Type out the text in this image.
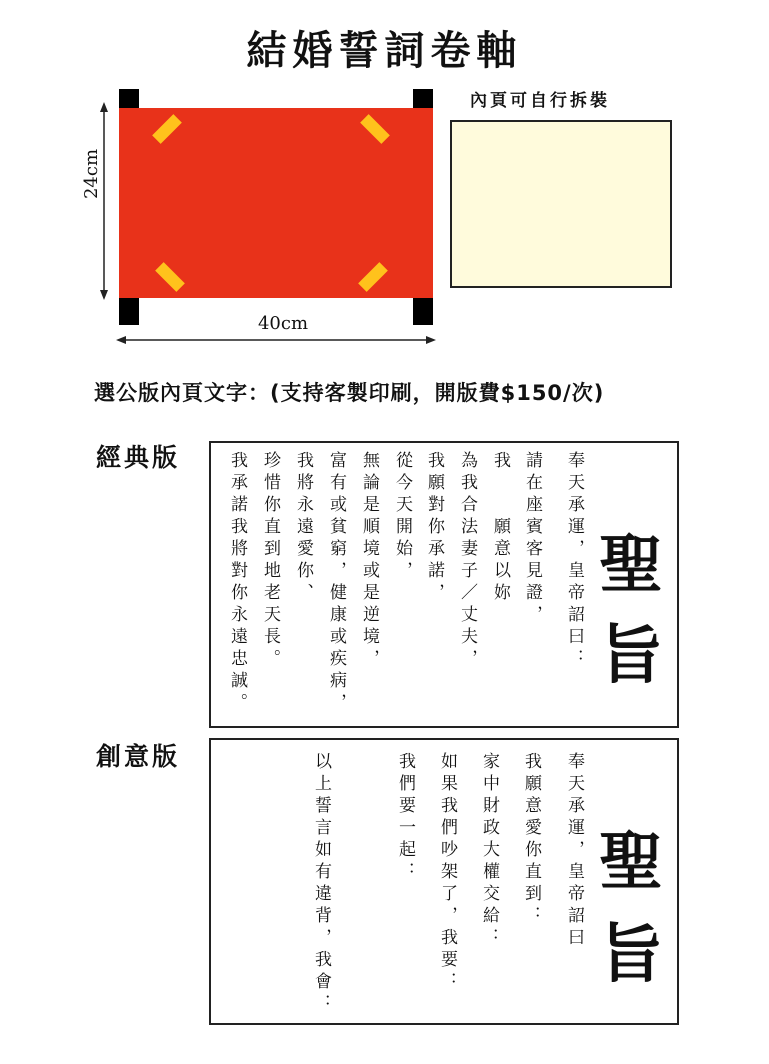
結婚誓詞卷軸
24cm
40cm
內頁可自行拆裝
選公版內頁文字：(支持客製印刷，開版費$150/次)
經典版
聖
旨
奉天承運，皇帝詔曰：
請在座賓客見證，
我　　願意以妳
為我合法妻子／丈夫，
我願對你承諾，
從今天開始，
無論是順境或是逆境，
富有或貧窮，健康或疾病，
我將永遠愛你、
珍惜你直到地老天長。
我承諾我將對你永遠忠誠。
創意版
聖
旨
奉天承運，皇帝詔曰
我願意愛你直到：
家中財政大權交給：
如果我們吵架了，我要：
我們要一起：
以上誓言如有違背，我會：
